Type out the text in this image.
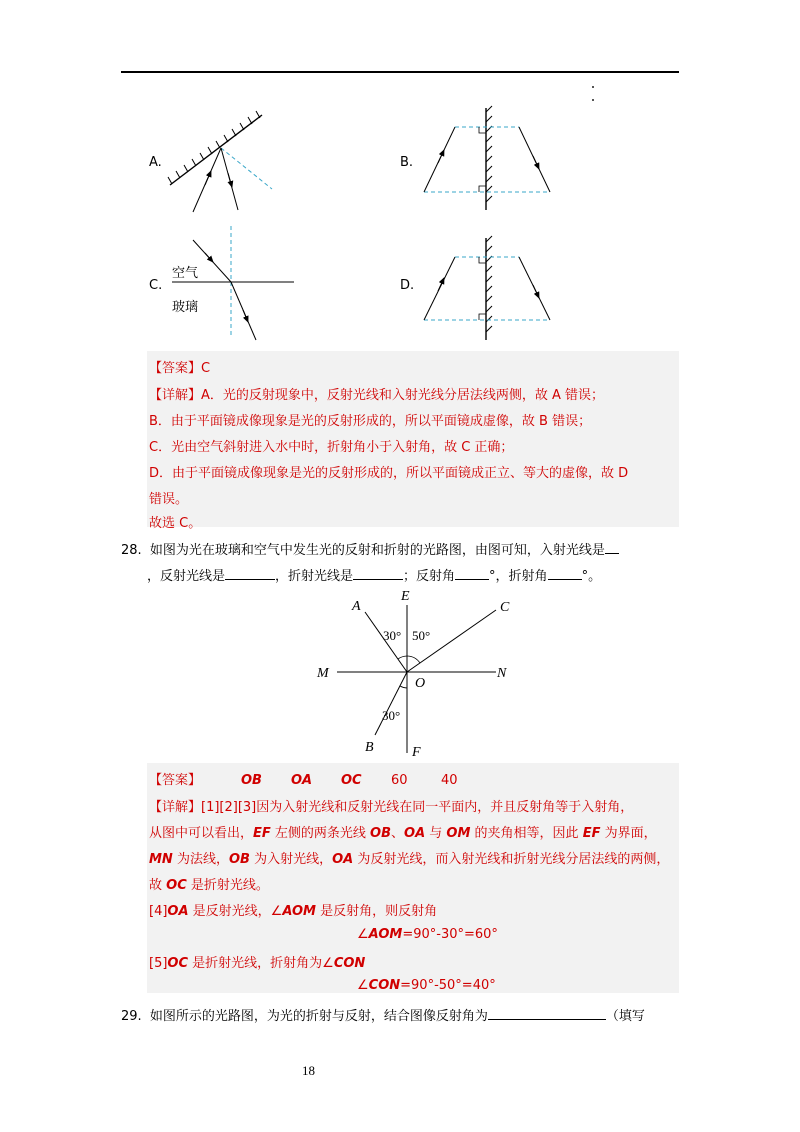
A.	B.
C.	D.
空气
玻璃
【答案】C
【详解】A．光的反射现象中，反射光线和入射光线分居法线两侧，故 A 错误；
B．由于平面镜成像现象是光的反射形成的，所以平面镜成虚像，故 B 错误；
C．光由空气斜射进入水中时，折射角小于入射角，故 C 正确；
D．由于平面镜成像现象是光的反射形成的，所以平面镜成正立、等大的虚像，故 D
错误。
故选 C。
28. 如图为光在玻璃和空气中发生光的反射和折射的光路图，由图可知，入射光线是
，反射光线是	，折射光线是	；反射角	°，折射角	°。
A
E
C
M	N
O
B	F
30° 50°
30°
【答案】	OB OA OC 60	40
【详解】[1][2][3]因为入射光线和反射光线在同一平面内，并且反射角等于入射角，
从图中可以看出，EF 左侧的两条光线 OB、OA 与 OM 的夹角相等，因此 EF 为界面，
MN 为法线，OB 为入射光线，OA 为反射光线，而入射光线和折射光线分居法线的两侧，
故 OC 是折射光线。
[4]OA 是反射光线，∠AOM 是反射角，则反射角
∠AOM=90°-30°=60°
[5]OC 是折射光线，折射角为∠CON
∠CON=90°-50°=40°
29. 如图所示的光路图，为光的折射与反射，结合图像反射角为	（填写
18
